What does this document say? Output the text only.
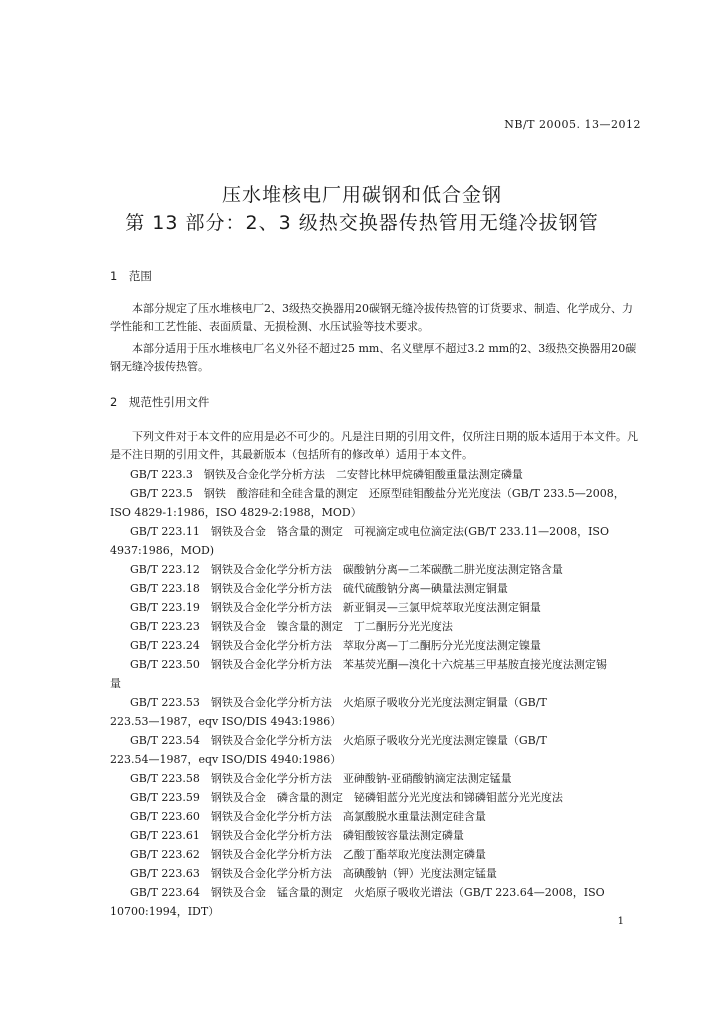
NB/T 20005. 13—2012
压水堆核电厂用碳钢和低合金钢
第 13 部分：2、3 级热交换器传热管用无缝冷拔钢管
1　范围
　　本部分规定了压水堆核电厂2、3级热交换器用20碳钢无缝冷拔传热管的订货要求、制造、化学成分、力学性能和工艺性能、表面质量、无损检测、水压试验等技术要求。
　　本部分适用于压水堆核电厂名义外径不超过25 mm、名义壁厚不超过3.2 mm的2、3级热交换器用20碳钢无缝冷拔传热管。
2　规范性引用文件
　　下列文件对于本文件的应用是必不可少的。凡是注日期的引用文件，仅所注日期的版本适用于本文件。凡是不注日期的引用文件，其最新版本（包括所有的修改单）适用于本文件。
GB/T 223.3　钢铁及合金化学分析方法　二安替比林甲烷磷钼酸重量法测定磷量
GB/T 223.5　钢铁　酸溶硅和全硅含量的测定　还原型硅钼酸盐分光光度法（GB/T 233.5—2008，
ISO 4829-1:1986，ISO 4829-2:1988，MOD）
GB/T 223.11　钢铁及合金　铬含量的测定　可视滴定或电位滴定法(GB/T 233.11—2008，ISO
4937:1986，MOD)
GB/T 223.12　钢铁及合金化学分析方法　碳酸钠分离—二苯碳酰二肼光度法测定铬含量
GB/T 223.18　钢铁及合金化学分析方法　硫代硫酸钠分离—碘量法测定铜量
GB/T 223.19　钢铁及合金化学分析方法　新亚铜灵—三氯甲烷萃取光度法测定铜量
GB/T 223.23　钢铁及合金　镍含量的测定　丁二酮肟分光光度法
GB/T 223.24　钢铁及合金化学分析方法　萃取分离—丁二酮肟分光光度法测定镍量
GB/T 223.50　钢铁及合金化学分析方法　苯基荧光酮—溴化十六烷基三甲基胺直接光度法测定锡
量
GB/T 223.53　钢铁及合金化学分析方法　火焰原子吸收分光光度法测定铜量（GB/T
223.53—1987，eqv ISO/DIS 4943:1986）
GB/T 223.54　钢铁及合金化学分析方法　火焰原子吸收分光光度法测定镍量（GB/T
223.54—1987，eqv ISO/DIS 4940:1986）
GB/T 223.58　钢铁及合金化学分析方法　亚砷酸钠-亚硝酸钠滴定法测定锰量
GB/T 223.59　钢铁及合金　磷含量的测定　铋磷钼蓝分光光度法和锑磷钼蓝分光光度法
GB/T 223.60　钢铁及合金化学分析方法　高氯酸脱水重量法测定硅含量
GB/T 223.61　钢铁及合金化学分析方法　磷钼酸铵容量法测定磷量
GB/T 223.62　钢铁及合金化学分析方法　乙酸丁酯萃取光度法测定磷量
GB/T 223.63　钢铁及合金化学分析方法　高碘酸钠（钾）光度法测定锰量
GB/T 223.64　钢铁及合金　锰含量的测定　火焰原子吸收光谱法（GB/T 223.64—2008，ISO
10700:1994，IDT）
1
